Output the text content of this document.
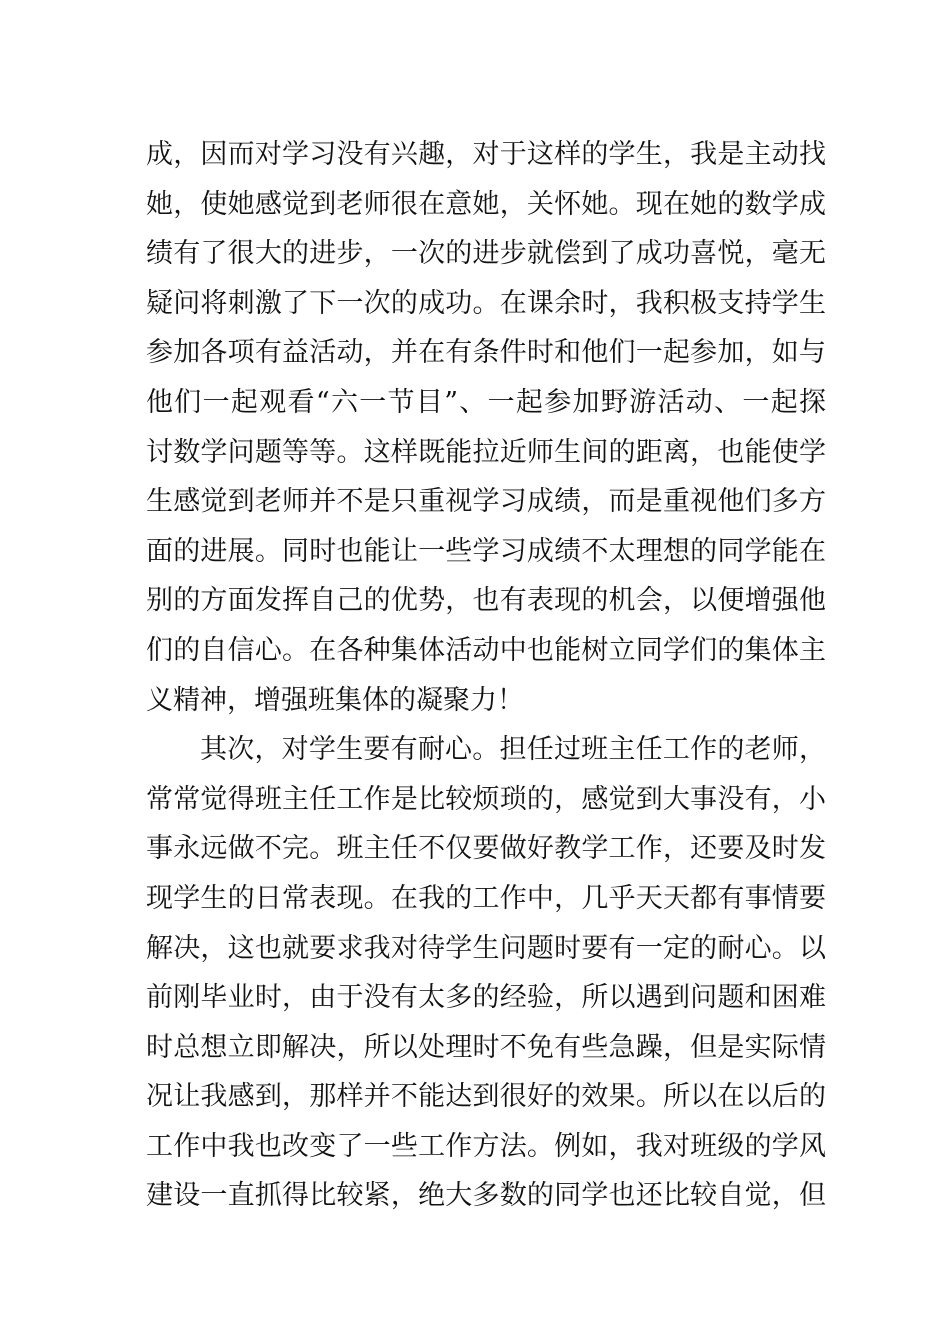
成，因而对学习没有兴趣，对于这样的学生，我是主动找
她，使她感觉到老师很在意她，关怀她。现在她的数学成
绩有了很大的进步，一次的进步就偿到了成功喜悦，毫无
疑问将刺激了下一次的成功。在课余时，我积极支持学生
参加各项有益活动，并在有条件时和他们一起参加，如与
他们一起观看“六一节目”、一起参加野游活动、一起探
讨数学问题等等。这样既能拉近师生间的距离，也能使学
生感觉到老师并不是只重视学习成绩，而是重视他们多方
面的进展。同时也能让一些学习成绩不太理想的同学能在
别的方面发挥自己的优势，也有表现的机会，以便增强他
们的自信心。在各种集体活动中也能树立同学们的集体主
义精神，增强班集体的凝聚力！
其次，对学生要有耐心。担任过班主任工作的老师，
常常觉得班主任工作是比较烦琐的，感觉到大事没有，小
事永远做不完。班主任不仅要做好教学工作，还要及时发
现学生的日常表现。在我的工作中，几乎天天都有事情要
解决，这也就要求我对待学生问题时要有一定的耐心。以
前刚毕业时，由于没有太多的经验，所以遇到问题和困难
时总想立即解决，所以处理时不免有些急躁，但是实际情
况让我感到，那样并不能达到很好的效果。所以在以后的
工作中我也改变了一些工作方法。例如，我对班级的学风
建设一直抓得比较紧，绝大多数的同学也还比较自觉，但
